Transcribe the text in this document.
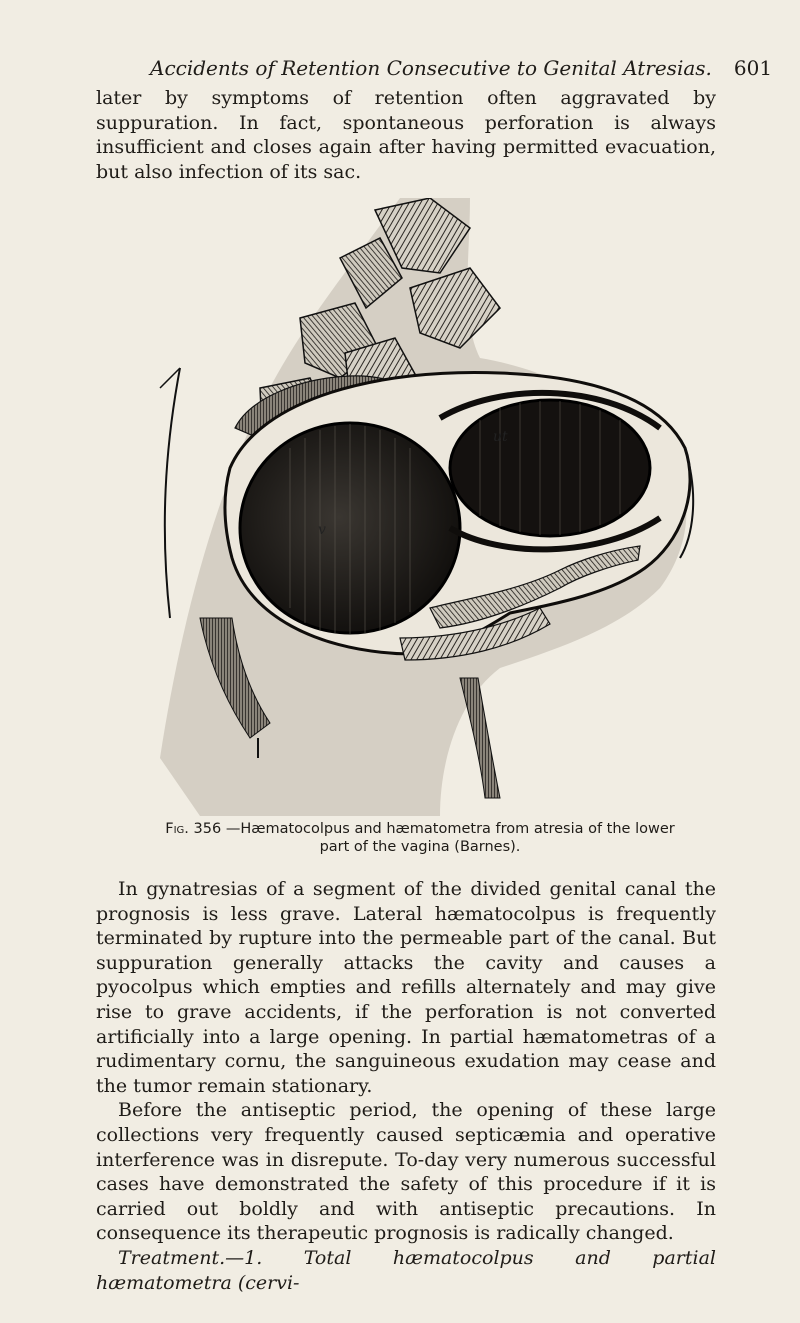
Accidents of Retention Consecutive to Genital Atresias. 601

later by symptoms of retention often aggravated by suppuration. In fact, spontaneous perforation is always insufficient and closes again after having permitted evacuation, but also infection of its sac.

ut
v
Fig. 356 —Hæmatocolpus and hæmatometra from atresia of the lower part of the vagina (Barnes).

In gynatresias of a segment of the divided genital canal the prognosis is less grave. Lateral hæmatocolpus is frequently terminated by rupture into the permeable part of the canal. But suppuration generally attacks the cavity and causes a pyocolpus which empties and refills alternately and may give rise to grave accidents, if the perforation is not converted artificially into a large opening. In partial hæmatometras of a rudimentary cornu, the sanguineous exudation may cease and the tumor remain stationary.

Before the antiseptic period, the opening of these large collections very frequently caused septicæmia and operative interference was in disrepute. To-day very numerous successful cases have demonstrated the safety of this procedure if it is carried out boldly and with antiseptic precautions. In consequence its therapeutic prognosis is radically changed.

Treatment.—1. Total hæmatocolpus and partial hæmatometra (cervi-
